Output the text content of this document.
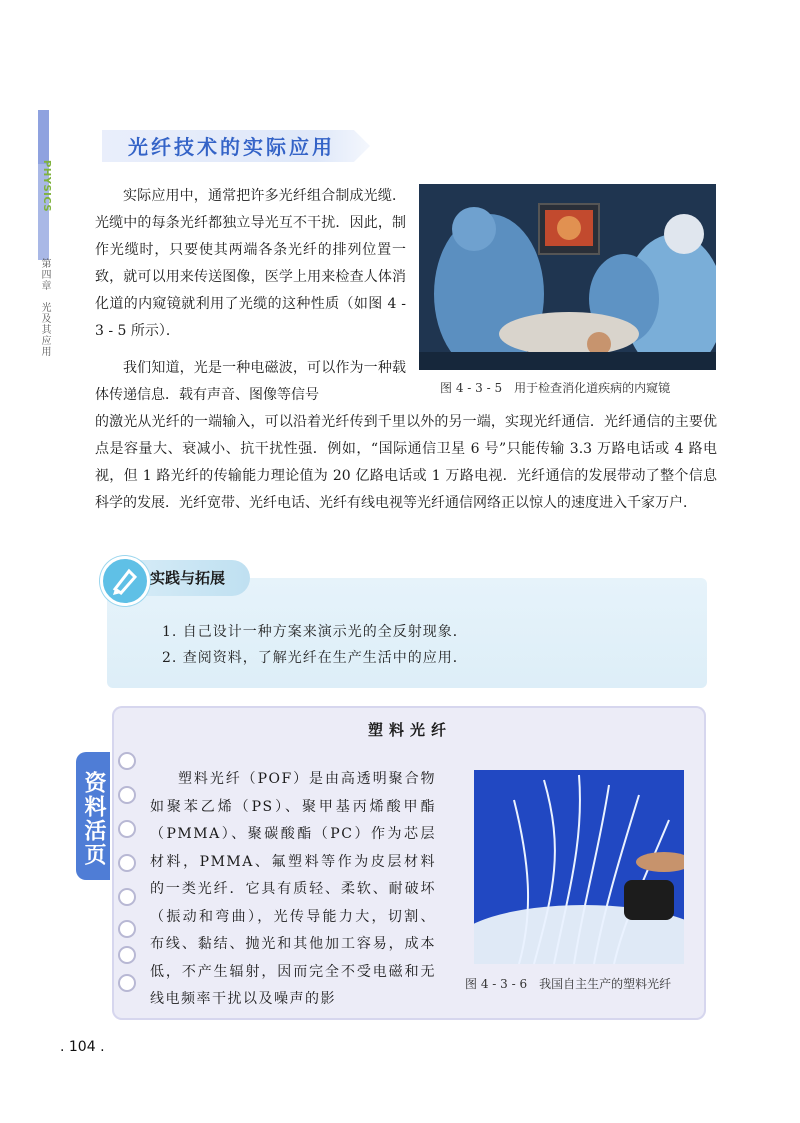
PHYSICS
第四章　光及其应用
光纤技术的实际应用
图 4 - 3 - 5　用于检查消化道疾病的内窥镜
实际应用中，通常把许多光纤组合制成光缆．光缆中的每条光纤都独立导光互不干扰．因此，制作光缆时，只要使其两端各条光纤的排列位置一致，就可以用来传送图像，医学上用来检查人体消化道的内窥镜就利用了光缆的这种性质（如图 4 - 3 - 5 所示）．
我们知道，光是一种电磁波，可以作为一种载体传递信息．载有声音、图像等信号
的激光从光纤的一端输入，可以沿着光纤传到千里以外的另一端，实现光纤通信．光纤通信的主要优点是容量大、衰减小、抗干扰性强．例如，“国际通信卫星 6 号”只能传输 3.3 万路电话或 4 路电视，但 1 路光纤的传输能力理论值为 20 亿路电话或 1 万路电视．光纤通信的发展带动了整个信息科学的发展．光纤宽带、光纤电话、光纤有线电视等光纤通信网络正以惊人的速度进入千家万户．
实践与拓展
1. 自己设计一种方案来演示光的全反射现象．
2. 查阅资料，了解光纤在生产生活中的应用．
资料活页
塑料光纤
塑料光纤（POF）是由高透明聚合物如聚苯乙烯（PS）、聚甲基丙烯酸甲酯（PMMA）、聚碳酸酯（PC）作为芯层材料，PMMA、氟塑料等作为皮层材料的一类光纤．它具有质轻、柔软、耐破坏（振动和弯曲），光传导能力大，切割、布线、黏结、抛光和其他加工容易，成本低，不产生辐射，因而完全不受电磁和无线电频率干扰以及噪声的影
图 4 - 3 - 6　我国自主生产的塑料光纤
. 104 .
